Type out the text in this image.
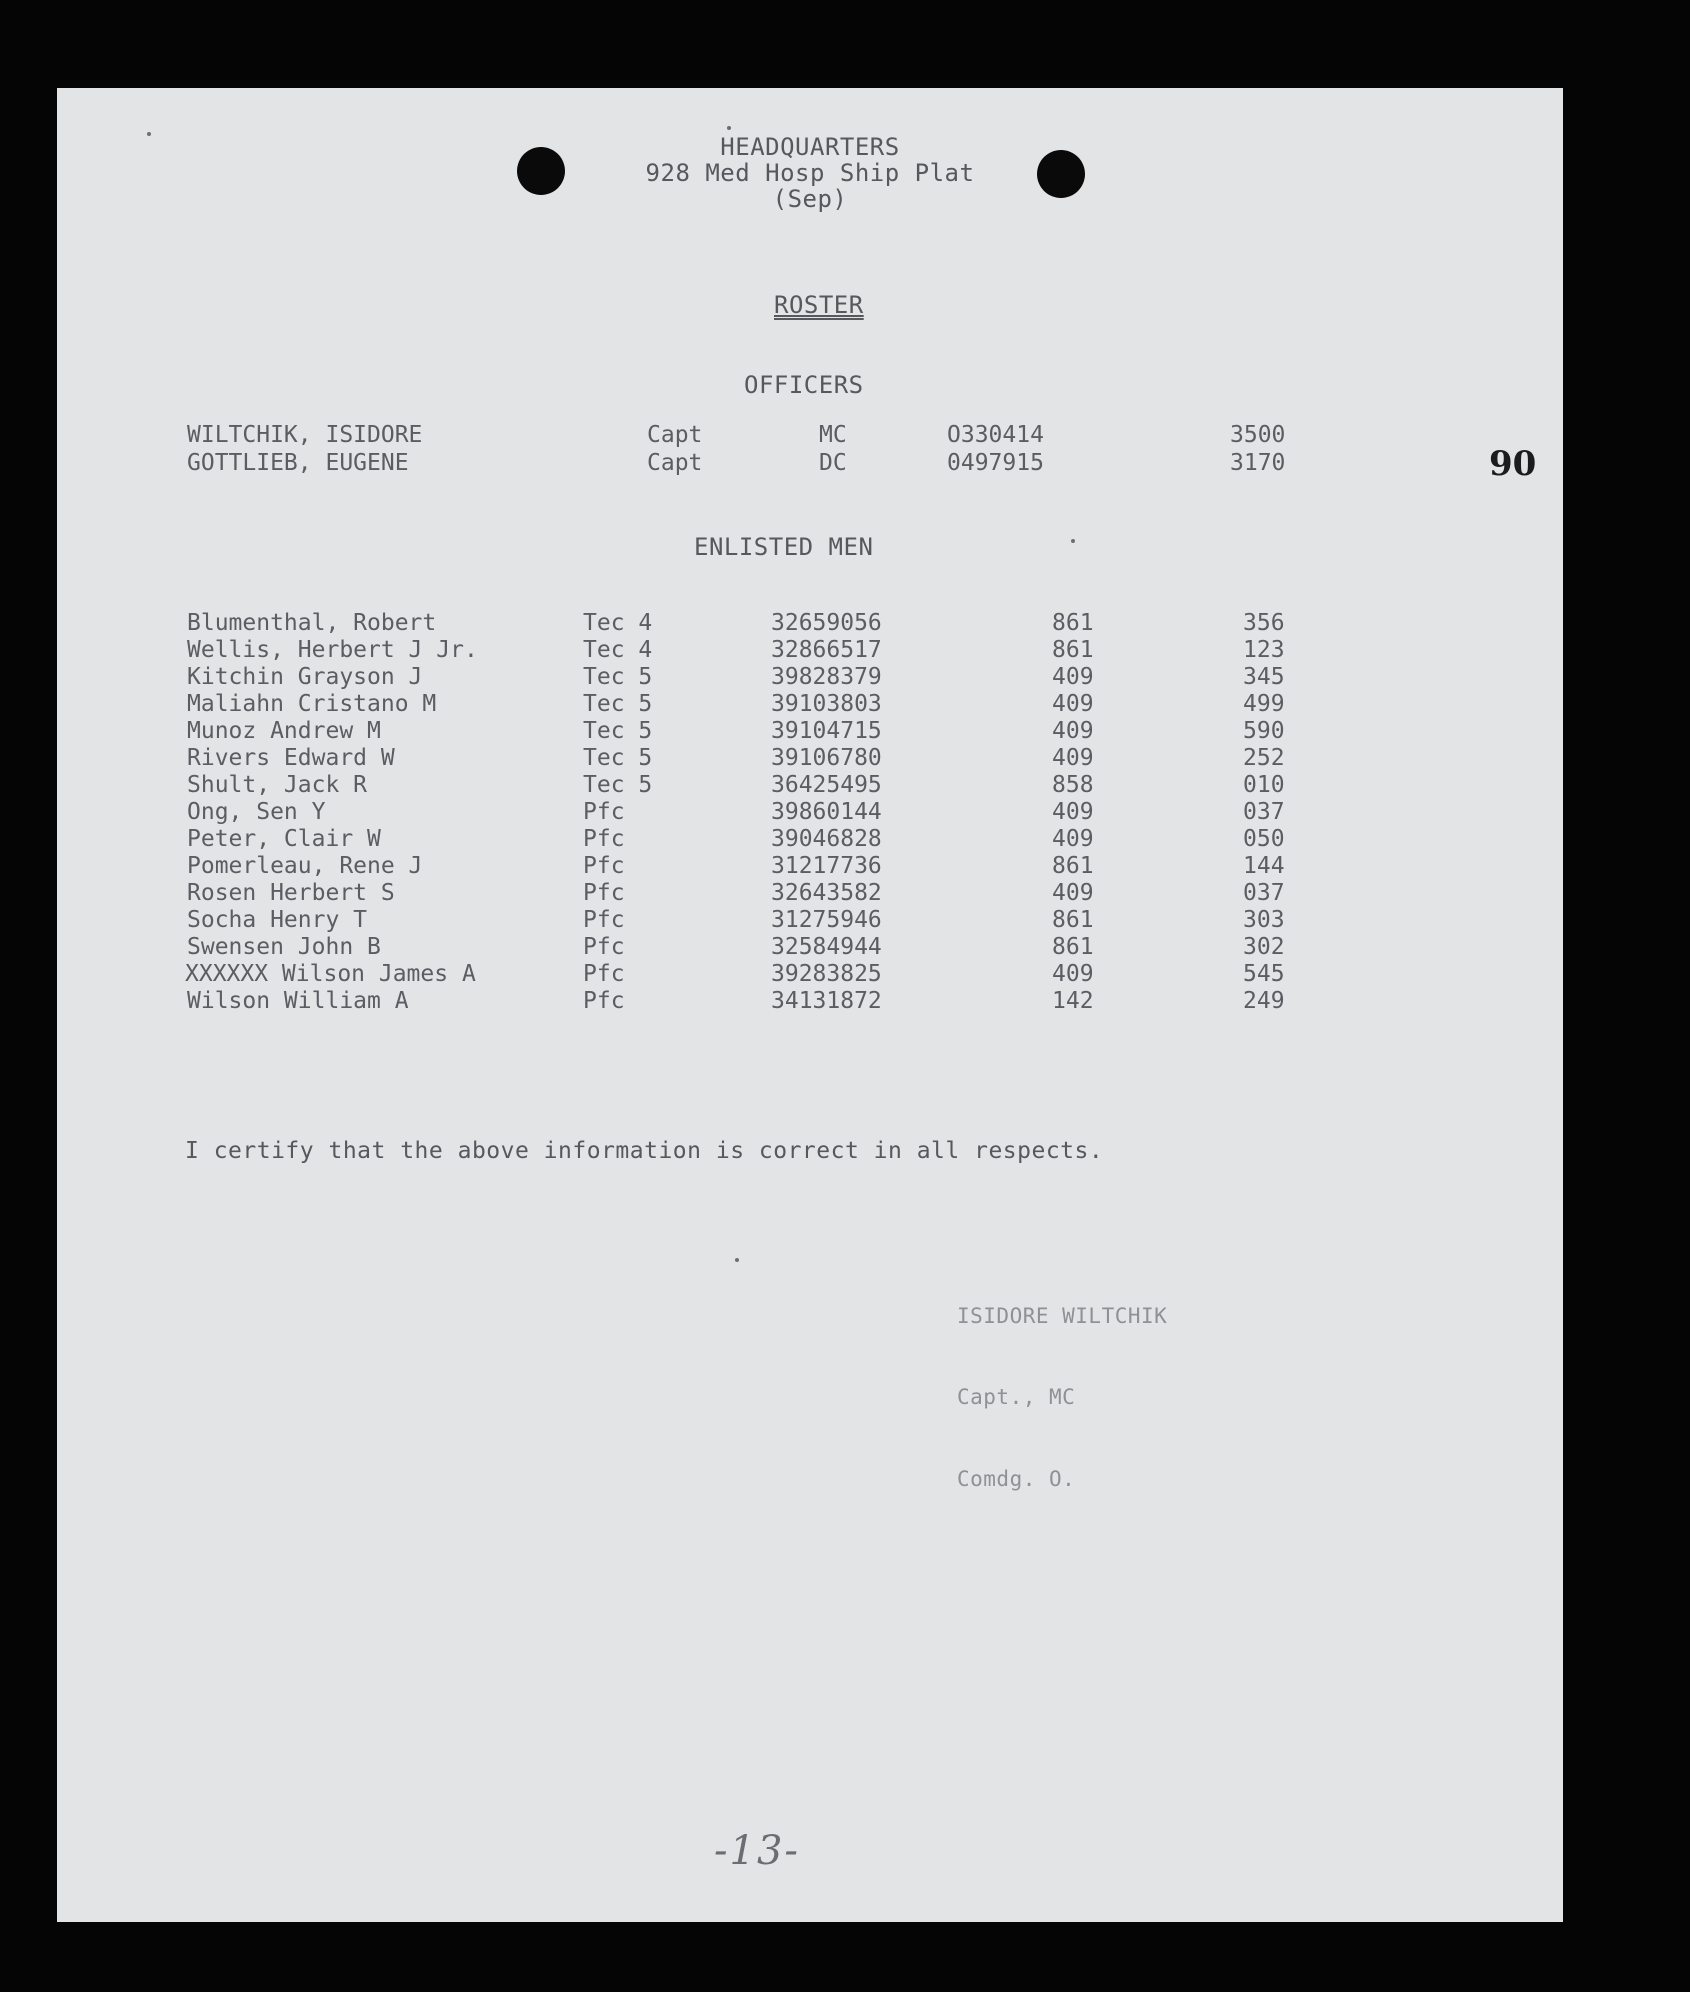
HEADQUARTERS
928 Med Hosp Ship Plat
(Sep)
ROSTER
90
OFFICERS
WILTCHIK, ISIDORE	Capt	MC	O330414	3500
GOTTLIEB, EUGENE	Capt	DC	0497915	3170
ENLISTED MEN
Blumenthal, Robert	Tec 4	32659056	861	356
Wellis, Herbert J Jr.	Tec 4	32866517	861	123
Kitchin Grayson J	Tec 5	39828379	409	345
Maliahn Cristano M	Tec 5	39103803	409	499
Munoz Andrew M	Tec 5	39104715	409	590
Rivers Edward W	Tec 5	39106780	409	252
Shult, Jack R	Tec 5	36425495	858	010
Ong, Sen Y	Pfc	39860144	409	037
Peter, Clair W	Pfc	39046828	409	050
Pomerleau, Rene J	Pfc	31217736	861	144
Rosen Herbert S	Pfc	32643582	409	037
Socha Henry T	Pfc	31275946	861	303
Swensen John B	Pfc	32584944	861	302
XXXXXX Wilson James A	Pfc	39283825	409	545
Wilson William A	Pfc	34131872	142	249
I certify that the above information is correct in all respects.

ISIDORE WILTCHIK

Capt., MC

Comdg. O.

-13-
